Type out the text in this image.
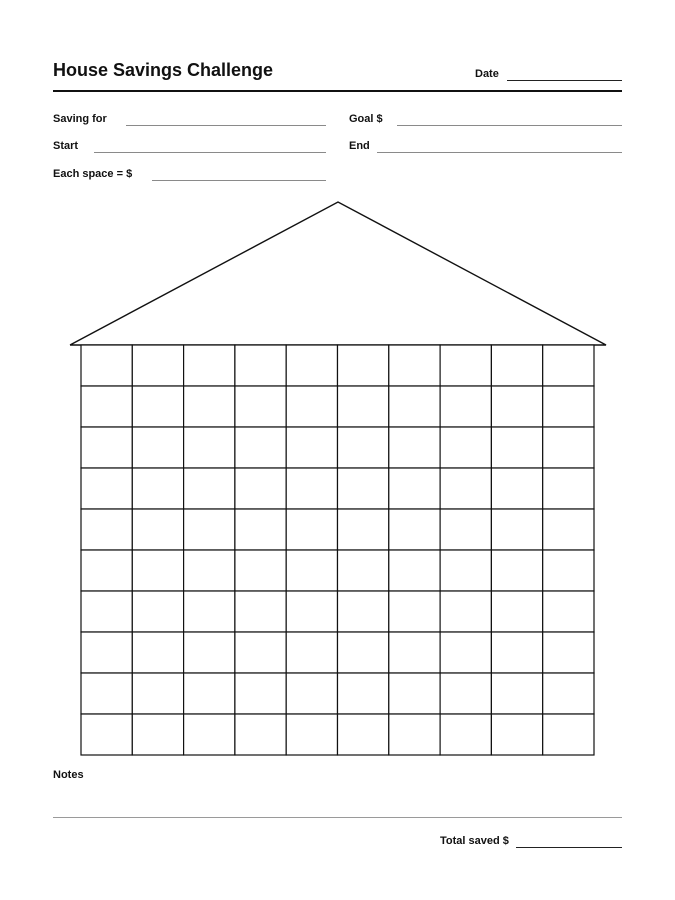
House Savings Challenge	Date
Saving for	Goal $
Start	End
Each space = $
Notes
Total saved $
